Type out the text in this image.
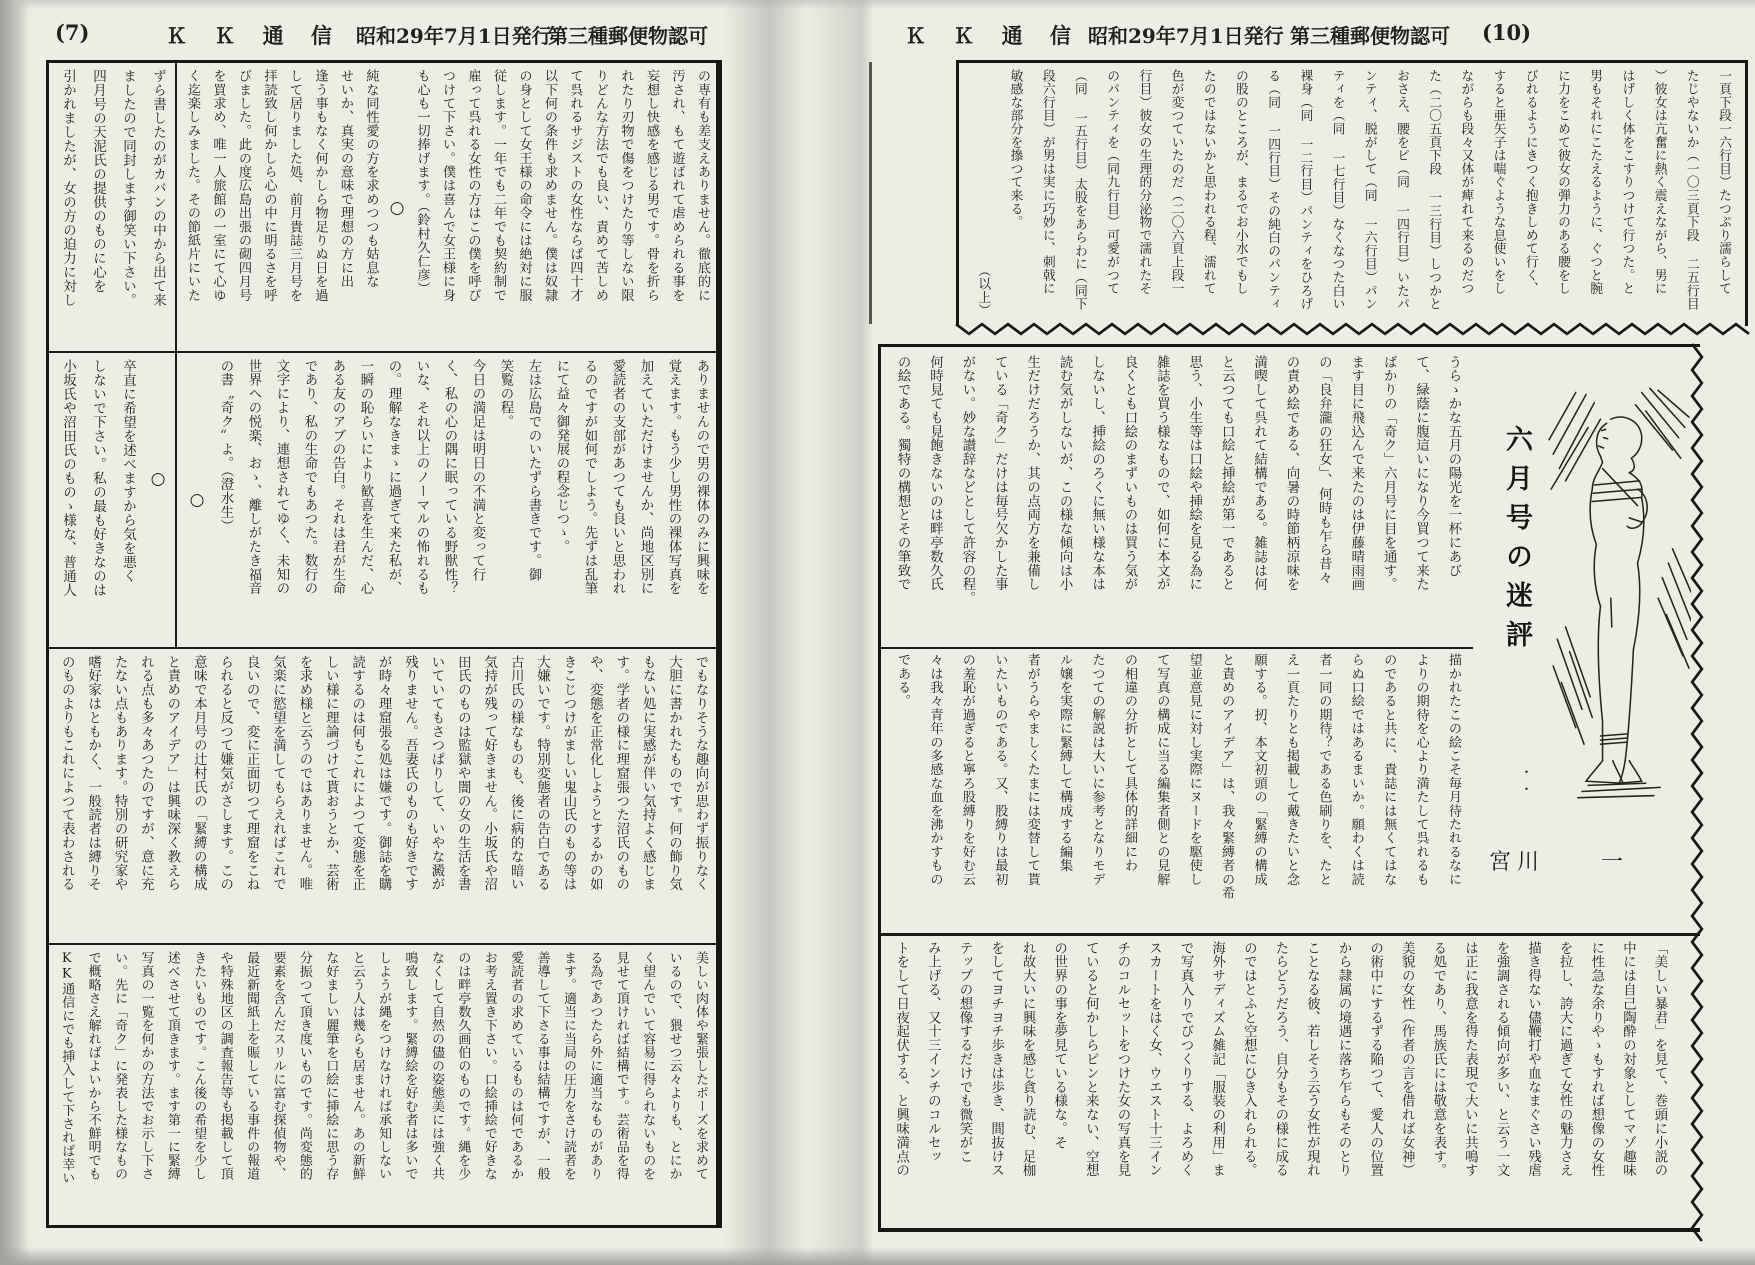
(7)	Ｋ Ｋ 通 信 昭和29年7月1日発行
第三種郵便物認可	Ｋ Ｋ 通 信 昭和29年7月1日発行 第三種郵便物認可 (10)
ずら書したのがカバンの中から出て来
ましたので同封します御笑い下さい。
四月号の天泥氏の提供のものに心を
引かれましたが、女の方の迫力に対し	の専有も差支えありません。徹底的に
汚され、もて遊ばれて虐められる事を
妄想し快感を感じる男です。骨を折ら
れたり刃物で傷をつけたり等しない限
りどんな方法でも良い、責めて苦しめ
て呉れるサジストの女性ならば四十才
以下何の条件も求めません。僕は奴隷
の身として女王様の命令には絶対に服
従します。一年でも二年でも契約制で
雇って呉れる女性の方はこの僕を呼び
つけて下さい。僕は喜んで女王様に身
も心も一切捧げます。（鈴村久仁彦）
○
純な同性愛の方を求めつつも姑息な
せいか、真実の意味で理想の方に出
逢う事もなく何かしら物足りぬ日を過
して居りました処、前月貴誌三月号を
拝読致し何かしら心の中に明るさを呼
びました。此の度広島出張の砌四月号
を買求め、唯一人旅館の一室にて心ゆ
く迄楽しみました。その節紙片にいた
○
卒直に希望を述べますから気を悪く
しないで下さい。私の最も好きなのは
小坂氏や沼田氏のものゝ様な、普通人	ありませんので男の裸体のみに興味を
覚えます。もう少し男性の裸体写真を
加えていただけませんか、尚地区別に
愛読者の支部があつても良いと思われ
るのですが如何でしよう。先ずは乱筆
にて益々御発展の程念じつゝ。
左は広島でのいたずら書きです。御
笑覧の程。
今日の満足は明日の不満と変って行
く、私の心の隅に眠っている野獣性？
いな、それ以上のノーマルの怖れるも
の。理解なきまゝに過ぎて来た私が、
一瞬の恥らいにより歓喜を生んだ、心
ある友のアブの告白。それは君が生命
であり、私の生命でもあつた。数行の
文字により、連想されてゆく、未知の
世界への悦楽、おゝ、離しがたき福音
の書〝奇ク〟よ。（澄水生）
○
でもなりそうな趣向が思わず振りなく
大胆に書かれたものです。何の飾り気
もない処に実感が伴い気持よく感じま
す。学者の様に理窟張つた沼氏のもの
や、変態を正常化しようとするかの如
きこじつけがましい鬼山氏のもの等は
大嫌いです。特別変態者の告白である
古川氏の様なものも、後に病的な暗い
気持が残って好きません。小坂氏や沼
田氏のものは監獄や闇の女の生活を書
いていてもさつぱりして、いやな澱が
残りません。吾妻氏のものも好きです
が時々理窟張る処は嫌です。御誌を購
読するのは何もこれによつて変態を正
しい様に理論づけて貰おうとか、芸術
を求め様と云うのではありません。唯
気楽に慾望を満してもらえればこれで
良いので、変に正面切つて理窟をこね
られると反つて嫌気がさします。この
意味で本月号の辻村氏の「緊縛の構成
と責めのアイデア」は興味深く教えら
れる点も多々あつたのですが、意に充
たない点もあります。特別の研究家や
嗜好家はともかく、一般読者は縛りそ
のものよりもこれによつて表わされる
美しい肉体や緊張したポーズを求めて
いるので、猥せつ云々よりも、とにか
く望んでいて容易に得られないものを
見せて頂ければ結構です。芸術品を得
る為であつたら外に適当なものがあり
ます。適当に当局の圧力をさけ読者を
善導して下さる事は結構ですが、一般
愛読者の求めているものは何であるか
お考え置き下さい。口絵挿絵で好きな
のは畔亭数久画伯のものです。縄を少
なくして自然の儘の姿態美には強く共
鳴致します。緊縛絵を好む者は多いで
しようが縄をつけなければ承知しない
と云う人は幾らも居ません。あの新鮮
な好ましい麗筆を口絵に挿絵に思う存
分振つて頂き度いものです。尚変態的
要素を含んだスリルに富む探偵物や、
最近新聞紙上を賑している事件の報道
や特殊地区の調査報告等も掲載して頂
きたいものです。こん後の希望を少し
述べさせて頂きます。ます第一に緊縛
写真の一覧を何かの方法でお示し下さ
い。先に「奇ク」に発表した様なもの
で概略さえ解ればよいから不鮮明でも
KK通信にでも挿入して下されば幸い
一頁下段一六行目）たつぷり濡らして
たじやないか（一〇三頁下段 二五行目
）彼女は亢奮に熱く震えながら、男に
はげしく体をこすりつけて行つた。と
男もそれにこたえるように、ぐつと腕
に力をこめて彼女の弾力のある腰をし
びれるようにきつく抱きしめて行く、
すると亜矢子は喘ぐような息使いをし
ながらも段々又体が痺れて来るのだつ
た（二〇五頁下段 一三行目）しつかと
おさえ、腰をピ（同 一四行目）いたパ
ンティ、脱がして（同 一六行目）パン
ティを（同 一七行目）なくなつた白い
裸身（同 一二行目）パンティをひろげ
る（同 一四行目）その純白のパンティ
の股のところが、まるでお小水でもし
たのではないかと思われる程、濡れて
色が変つていたのだ（二〇六頁上段一
行目）彼女の生理的分泌物で濡れたそ
のパンティを（同九行目）可愛がつて
（同 一五行目）太股をあらわに（同下
段六行目）が男は実に巧妙に、刺戟に
敏感な部分を撡つて来る。
（以上）
うらゝかな五月の陽光を一杯にあび
て、緑蔭に腹這いになり今買つて来た
ばかりの「奇ク」六月号に目を通す。
ます目に飛込んで来たのは伊藤晴雨画
の「良弁瀧の狂女」、何時も乍ら昔々
の責め絵である、向暑の時節柄涼味を
満喫して呉れて結構である。雑誌は何
と云つても口絵と挿絵が第一であると
思う、小生等は口絵や挿絵を見る為に
雑誌を買う様なもので、如何に本文が
良くとも口絵のまずいものは買う気が
しないし、挿絵のろくに無い様な本は
読む気がしないが、この様な傾向は小
生だけだろうか、其の点両方を兼備し
ている「奇ク」だけは毎号欠かした事
がない。妙な讃辞などとして許容の程。
何時見ても見飽きないのは畔亭数久氏
の絵である。獨特の構想とその筆致で
描かれたこの絵こそ毎月待たれるなに
よりの期待を心より満たして呉れるも
のであると共に、貴誌には無くてはな
らぬ口絵ではあるまいか。願わくは読
者一同の期待？である色刷りを、たと
え一頁たりとも掲載して戴きたいと念
願する。扨、本文初頭の「緊縛の構成
と責めのアイデア」は、我々緊縛者の希
望並意見に対し実際にヌードを駆使し
て写真の構成に当る編集者側との見解
の相違の分折として具体的詳細にわ
たつての解説は大いに参考となりモデ
ル嬢を実際に緊縛して構成する編集
者がうらやましくたまには変替して貰
いたいものである。又、股縛りは最初
の羞恥が過ぎると寧ろ股縛りを好む云
々は我々青年の多感な血を沸かすもの
である。
「美しい暴君」を見て、巻頭に小説の
中には自己陶酔の対象としてマゾ趣味
に性急な余りやゝもすれば想像の女性
を拉し、誇大に過ぎて女性の魅力さえ
描き得ない儘鞭打や血なまぐさい残虐
を強調される傾向が多い、と云う一文
は正に我意を得た表現で大いに共鳴す
る処であり、馬族氏には敬意を表す。
美貌の女性（作者の言を借れば女神）
の術中にするずる陥つて、愛人の位置
から隷属の境遇に落ち乍らもそのとり
ことなる彼、若しそう云う女性が現れ
たらどうだろう、自分もその様に成る
のではとふと空想にひき入れられる。
海外サディズム雑記「服装の利用」ま
で写真入りでびつくりする、よろめく
スカートをはく女、ウエスト十三イン
チのコルセットをつけた女の写真を見
ていると何かしらピンと来ない、空想
の世界の事を夢見ている様な。そ
れ故大いに興味を感じ貪り読む、足枷
をしてヨチヨチ歩きは歩き、間抜けス
テップの想像するだけでも微笑がこ
み上げる、又十三インチのコルセッ
トをして日夜起伏する、と興味満点の
六月号の迷評
・・
宮川　　一
